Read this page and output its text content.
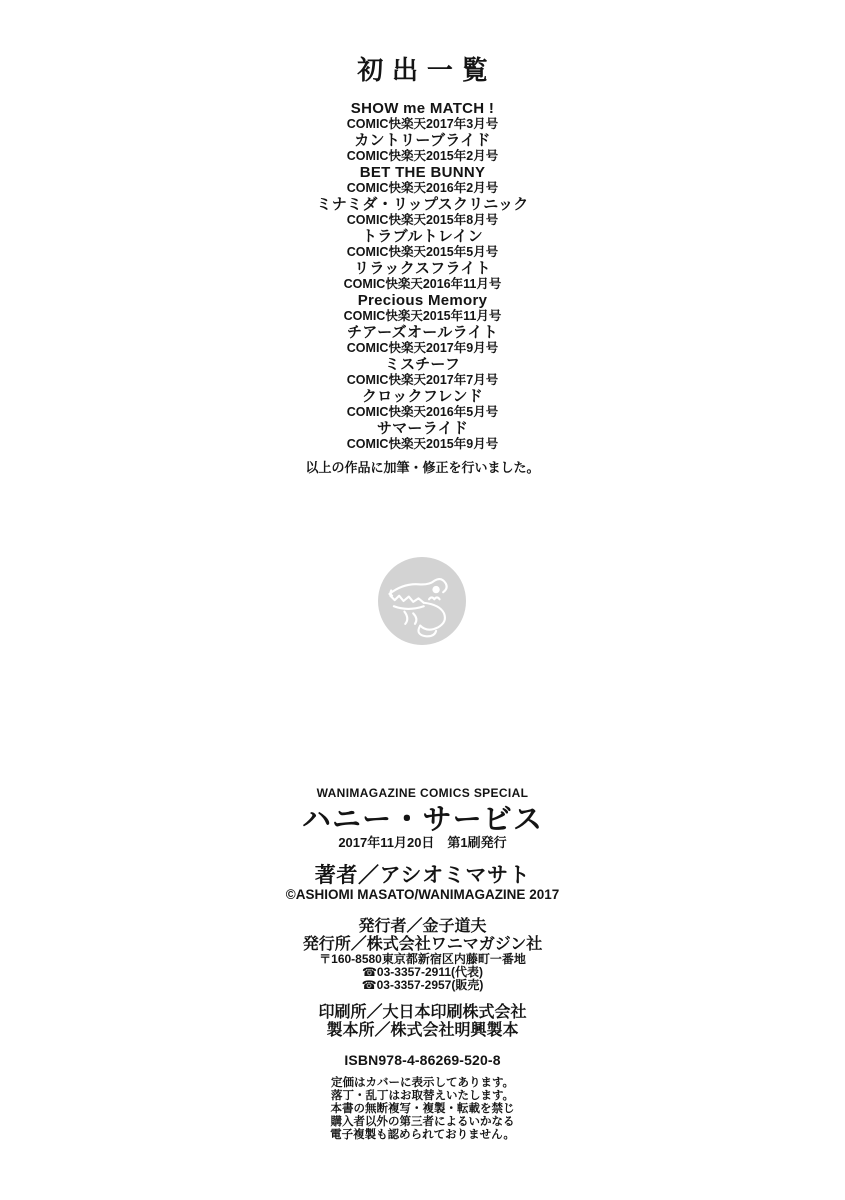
初出一覧
SHOW me MATCH !
COMIC快楽天2017年3月号
カントリーブライド
COMIC快楽天2015年2月号
BET THE BUNNY
COMIC快楽天2016年2月号
ミナミダ・リップスクリニック
COMIC快楽天2015年8月号
トラブルトレイン
COMIC快楽天2015年5月号
リラックスフライト
COMIC快楽天2016年11月号
Precious Memory
COMIC快楽天2015年11月号
チアーズオールライト
COMIC快楽天2017年9月号
ミスチーフ
COMIC快楽天2017年7月号
クロックフレンド
COMIC快楽天2016年5月号
サマーライド
COMIC快楽天2015年9月号
以上の作品に加筆・修正を行いました。
WANIMAGAZINE COMICS SPECIAL
ハニー・サービス
2017年11月20日　第1刷発行
著者／アシオミマサト
©ASHIOMI MASATO/WANIMAGAZINE 2017
発行者／金子道夫
発行所／株式会社ワニマガジン社
〒160-8580東京都新宿区内藤町一番地
☎03-3357-2911(代表)
☎03-3357-2957(販売)
印刷所／大日本印刷株式会社
製本所／株式会社明興製本
ISBN978-4-86269-520-8
定価はカバーに表示してあります。
落丁・乱丁はお取替えいたします。
本書の無断複写・複製・転載を禁じ
購入者以外の第三者によるいかなる
電子複製も認められておりません。
